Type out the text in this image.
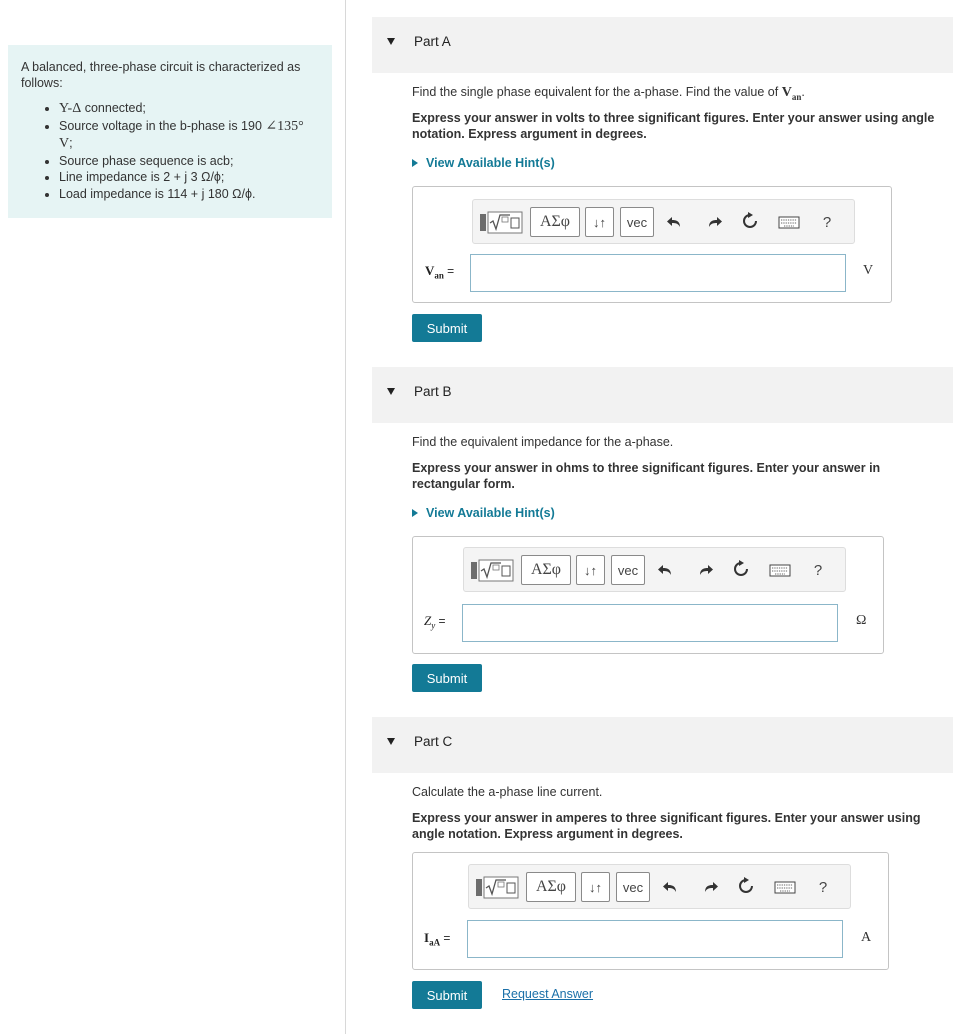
A balanced, three-phase circuit is characterized as follows:
• Y-Δ connected;
• Source voltage in the b-phase is 190 ∠135° V;
• Source phase sequence is acb;
• Line impedance is 2 + j 3 Ω/ϕ;
• Load impedance is 114 + j 180 Ω/ϕ.
Part A
Find the single phase equivalent for the a-phase. Find the value of $V_{an}$.
Express your answer in volts to three significant figures. Enter your answer using angle notation. Express argument in degrees.
View Available Hint(s)
ΑΣφ	↓↑	vec	?
$V_{an}$ =	V
Submit
Part B
Find the equivalent impedance for the a-phase.
Express your answer in ohms to three significant figures. Enter your answer in rectangular form.
View Available Hint(s)
ΑΣφ	↓↑	vec	?
$Z_y$ =	Ω
Submit
Part C
Calculate the a-phase line current.
Express your answer in amperes to three significant figures. Enter your answer using angle notation. Express argument in degrees.
ΑΣφ	↓↑	vec	?
$I_{aA}$ =	A
Submit	Request Answer
